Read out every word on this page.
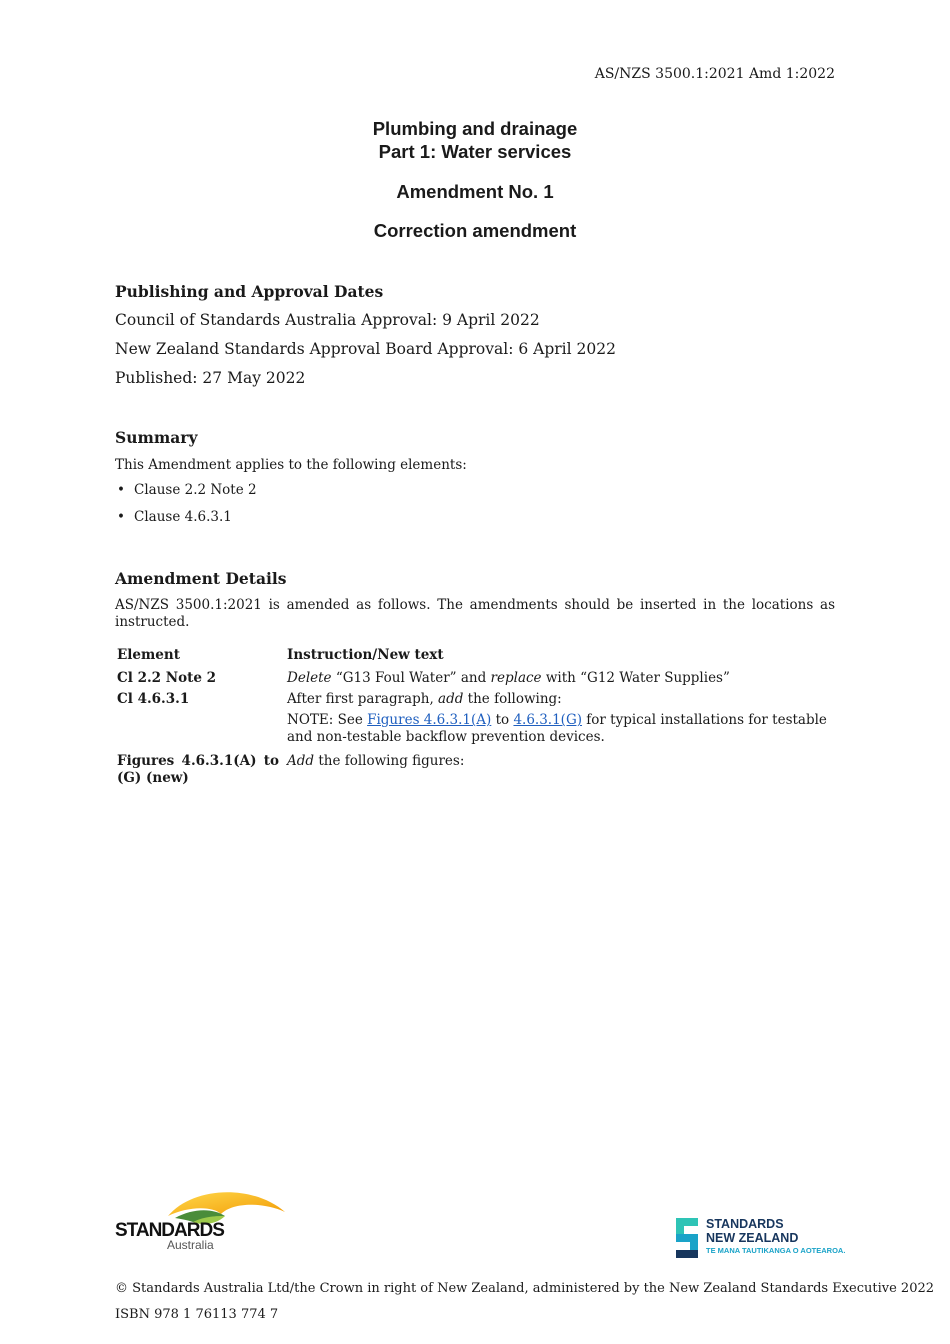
AS/NZS 3500.1:2021 Amd 1:2022
Plumbing and drainage
Part 1: Water services
Amendment No. 1
Correction amendment
Publishing and Approval Dates
Council of Standards Australia Approval: 9 April 2022
New Zealand Standards Approval Board Approval: 6 April 2022
Published: 27 May 2022
Summary
This Amendment applies to the following elements:
• Clause 2.2 Note 2
• Clause 4.6.3.1
Amendment Details
AS/NZS 3500.1:2021 is amended as follows. The amendments should be inserted in the locations as instructed.
Element	Instruction/New text
Cl 2.2 Note 2	Delete “G13 Foul Water” and replace with “G12 Water Supplies”
Cl 4.6.3.1	After first paragraph, add the following:
	NOTE: See Figures 4.6.3.1(A) to 4.6.3.1(G) for typical installations for testable and non-testable backflow prevention devices.
Figures 4.6.3.1(A) to (G) (new)	Add the following figures:
STANDARDS
Australia
STANDARDS
NEW ZEALAND
TE MANA TAUTIKANGA O AOTEAROA.
© Standards Australia Ltd/the Crown in right of New Zealand, administered by the New Zealand Standards Executive 2022
ISBN 978 1 76113 774 7
